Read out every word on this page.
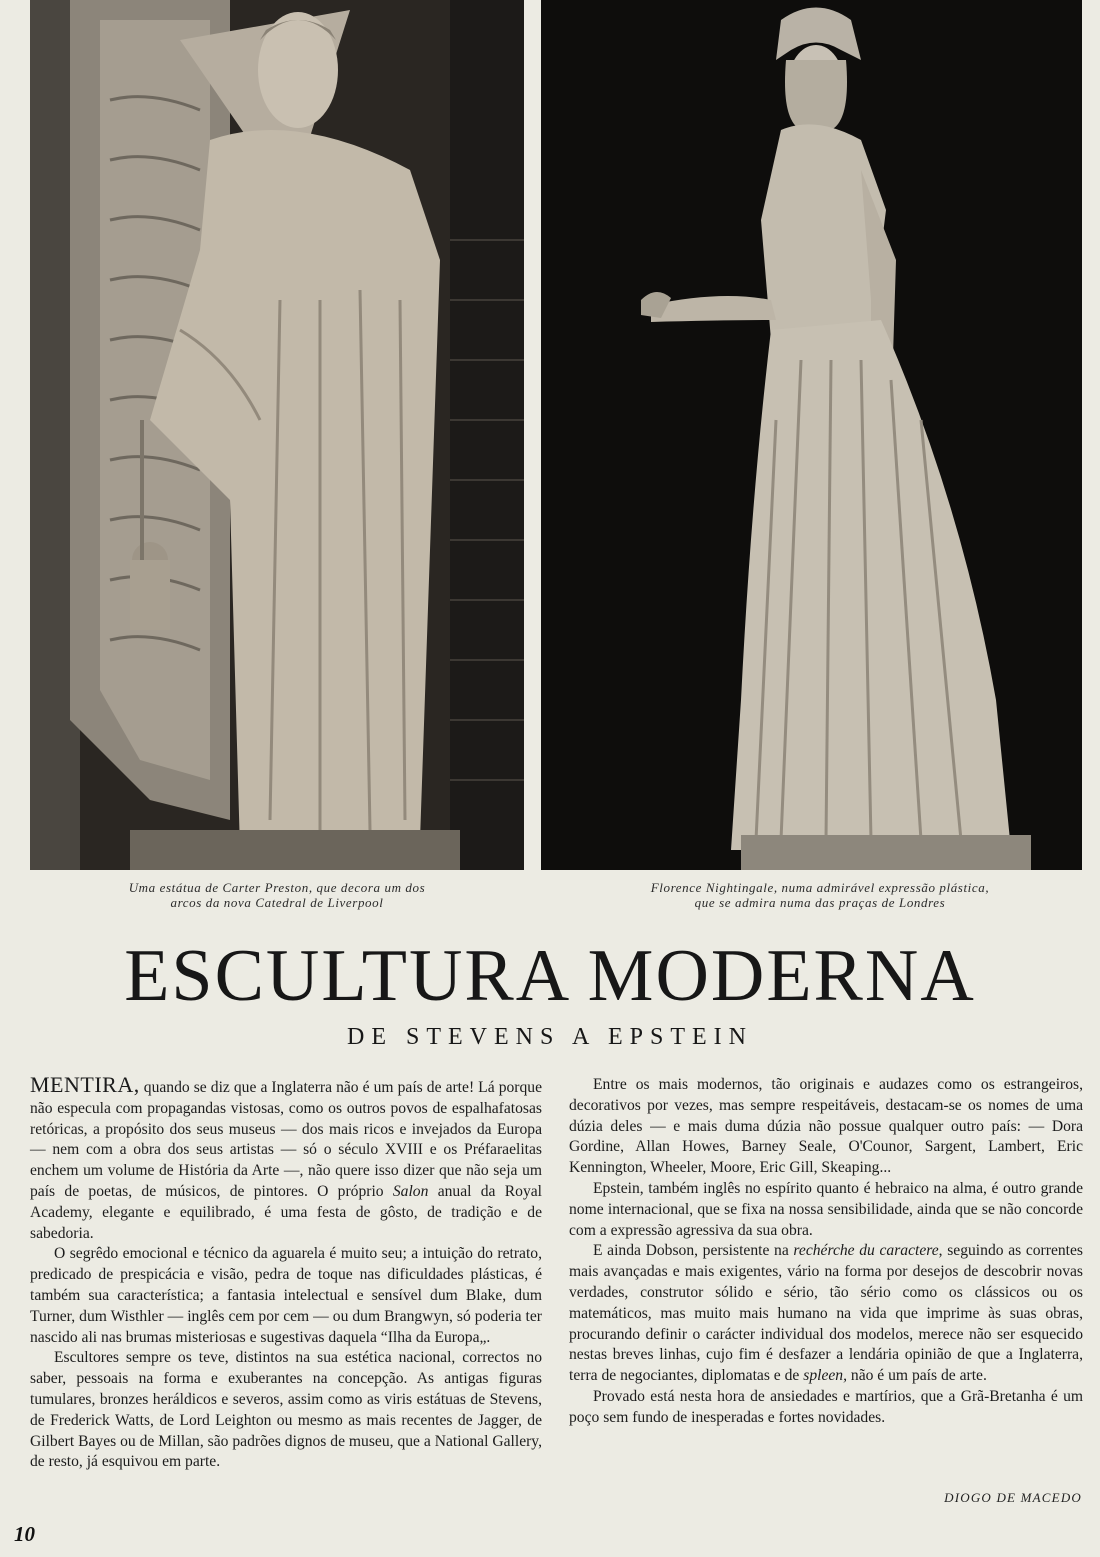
Uma estátua de Carter Preston, que decora um dos
arcos da nova Catedral de Liverpool
Florence Nightingale, numa admirável expressão plástica,
que se admira numa das praças de Londres
ESCULTURA MODERNA
DE STEVENS A EPSTEIN

MENTIRA, quando se diz que a Inglaterra não é um país de arte! Lá porque não especula com propagandas vistosas, como os outros povos de espalhafatosas retóricas, a propósito dos seus museus — dos mais ricos e invejados da Europa — nem com a obra dos seus artistas — só o século XVIII e os Préfaraelitas enchem um volume de História da Arte —, não quere isso dizer que não seja um país de poetas, de músicos, de pintores. O próprio Salon anual da Royal Academy, elegante e equilibrado, é uma festa de gôsto, de tradição e de sabedoria.

O segrêdo emocional e técnico da aguarela é muito seu; a intuição do retrato, predicado de prespicácia e visão, pedra de toque nas dificuldades plásticas, é também sua característica; a fantasia intelectual e sensível dum Blake, dum Turner, dum Wisthler — inglês cem por cem — ou dum Brangwyn, só poderia ter nascido ali nas brumas misteriosas e sugestivas daquela “Ilha da Europa„.

Escultores sempre os teve, distintos na sua estética nacional, correctos no saber, pessoais na forma e exuberantes na concepção. As antigas figuras tumulares, bronzes heráldicos e severos, assim como as viris estátuas de Stevens, de Frederick Watts, de Lord Leighton ou mesmo as mais recentes de Jagger, de Gilbert Bayes ou de Millan, são padrões dignos de museu, que a National Gallery, de resto, já esquivou em parte.

Entre os mais modernos, tão originais e audazes como os estrangeiros, decorativos por vezes, mas sempre respeitáveis, destacam-se os nomes de uma dúzia deles — e mais duma dúzia não possue qualquer outro país: — Dora Gordine, Allan Howes, Barney Seale, O'Counor, Sargent, Lambert, Eric Kennington, Wheeler, Moore, Eric Gill, Skeaping...

Epstein, também inglês no espírito quanto é hebraico na alma, é outro grande nome internacional, que se fixa na nossa sensibilidade, ainda que se não concorde com a expressão agressiva da sua obra.

E ainda Dobson, persistente na rechérche du caractere, seguindo as correntes mais avançadas e mais exigentes, vário na forma por desejos de descobrir novas verdades, construtor sólido e sério, tão sério como os clássicos ou os matemáticos, mas muito mais humano na vida que imprime às suas obras, procurando definir o carácter individual dos modelos, merece não ser esquecido nestas breves linhas, cujo fim é desfazer a lendária opinião de que a Inglaterra, terra de negociantes, diplomatas e de spleen, não é um país de arte.

Provado está nesta hora de ansiedades e martírios, que a Grã-Bretanha é um poço sem fundo de inesperadas e fortes novidades.

DIOGO DE MACEDO
10
